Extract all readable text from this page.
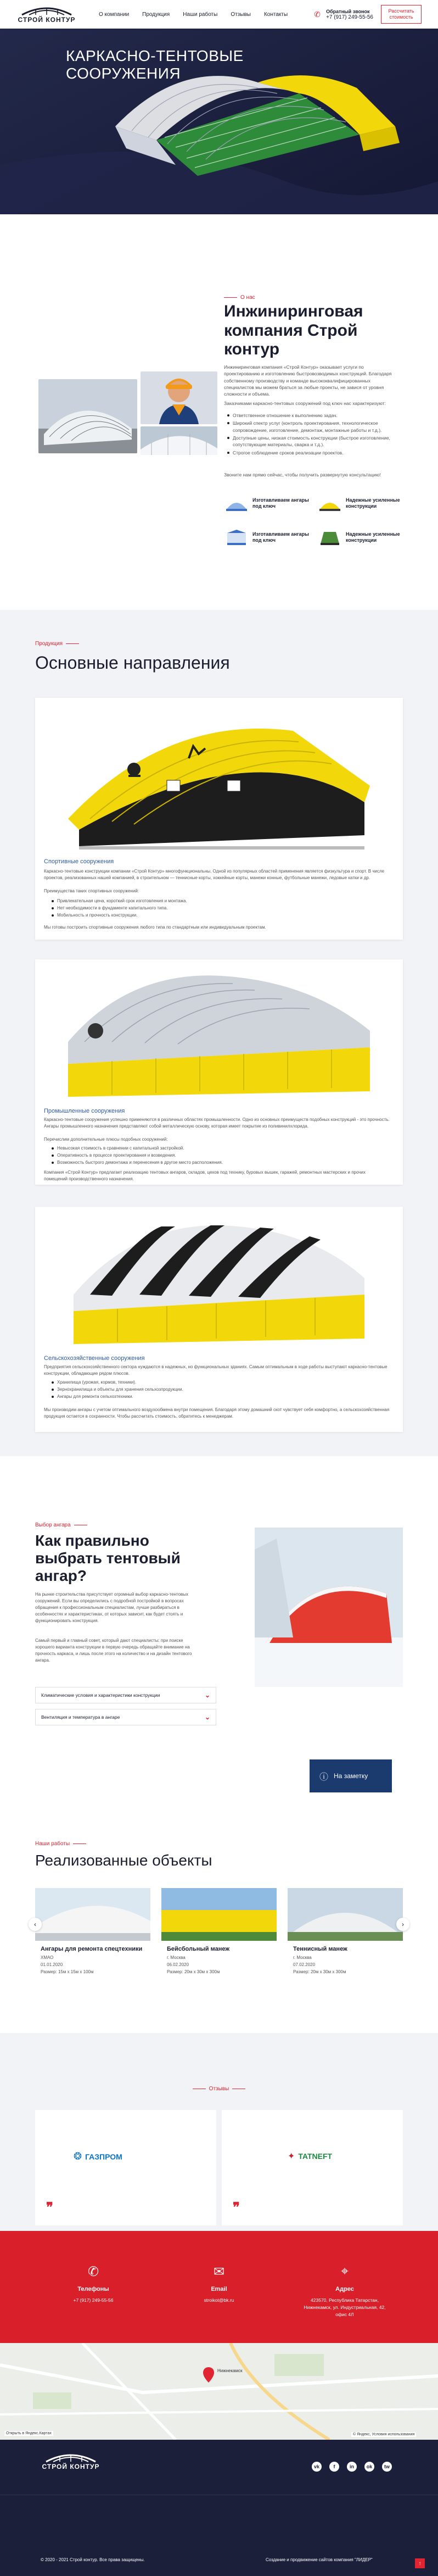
КАРКАСНО-ТЕНТОВЫЕ
СООРУЖЕНИЯ
СТРОЙ КОНТУР
О компании Продукция Наши работы Отзывы Контакты	✆	Обратный звонок
+7 (917) 249-55-56
Рассчитать стоимость
О нас
Инжиниринговая компания Строй контур

Инжиниринговая компания «Строй Контур» оказывает услуги по проектированию и изготовлению быстровозводимых конструкций. Благодаря собственному производству и команде высококвалифицированных специалистов мы можем браться за любые проекты, не завися от уровня сложности и объема.

Заказчиками каркасно-тентовых сооружений под ключ нас характеризуют:

Ответственное отношение к выполнению задач.
Широкий спектр услуг (контроль проектирования, технологическое сопровождение, изготовление, демонтаж, монтажные работы и т.д.).
Доступные цены, низкая стоимость конструкции (быстрое изготовление, сопутствующие материалы, сварка и т.д.).
Строгое соблюдение сроков реализации проектов.

Звоните нам прямо сейчас, чтобы получить развернутую консультацию!

Изготавливаем ангары под ключ
Надежные усиленные конструкции
Изготавливаем ангары под ключ
Надежные усиленные конструкции
Продукция
Основные направления
Спортивные сооружения

Каркасно-тентовые конструкции компании «Строй Контур» многофункциональны. Одной из популярных областей применения является физкультура и спорт. В числе проектов, реализованных нашей компанией, в строительном — теннисные корты, хоккейные корты, манежи конные, футбольные манежи, ледовые катки и др.

Преимущества таких спортивных сооружений:

Привлекательная цена, короткий срок изготовления и монтажа.
Нет необходимости в фундаменте капитального типа.
Мобильность и прочность конструкции.

Мы готовы построить спортивные сооружения любого типа по стандартным или индивидуальным проектам.

Промышленные сооружения

Каркасно-тентовые сооружения успешно применяются в различных областях промышленности. Одно из основных преимуществ подобных конструкций - это прочность. Ангары промышленного назначения представляют собой металлическую основу, которая имеет покрытие из поливинилхлорида.

Перечислим дополнительные плюсы подобных сооружений:

Невысокая стоимость в сравнении с капитальной застройкой.
Оперативность в процессе проектирования и возведения.
Возможность быстрого демонтажа и перенесения в другое место расположения.

Компания «Строй Контур» предлагает реализацию тентовых ангаров, складов, цехов под технику, буровых вышек, гаражей, ремонтных мастерских и прочих помещений производственного назначения.

Сельскохозяйственные сооружения

Предприятия сельскохозяйственного сектора нуждаются в надежных, но функциональных зданиях. Самым оптимальным в ходе работы выступают каркасно-тентовые конструкции, обладающие рядом плюсов.

Хранилища (урожая, кормов, техники).
Зернохранилища и объекты для хранения сельхозпродукции.
Ангары для ремонта сельхозтехники.

Мы производим ангары с учетом оптимального воздухообмена внутри помещения. Благодаря этому домашний скот чувствует себя комфортно, а сельскохозяйственная продукция остается в сохранности. Чтобы рассчитать стоимость, обратитесь к менеджерам.

Выбор ангара
Как правильно выбрать тентовый ангар?

На рынке строительства присутствует огромный выбор каркасно-тентовых сооружений. Если вы определились с подробной постройкой в вопросах обращения к профессиональным специалистам, лучше разбираться в особенностях и характеристиках, от которых зависит, как будет стоять и функционировать конструкция.

Самый первый и главный совет, который дают специалисты: при поиске хорошего варианта конструкции в первую очередь обращайте внимание на прочность каркаса, и лишь после этого на количество и на дизайн тентового ангара.

Климатические условия и характеристики конструкции	⌄
Вентиляция и температура в ангаре	⌄
ⓘ На заметку
Наши работы
Реализованные объекты
Ангары для ремонта спецтехники
ХМАО
01.01.2020
Размер: 15м х 15м х 100м
Бейсбольный манеж
г. Москва
06.02.2020
Размер: 20м х 30м х 300м
Теннисный манеж
г. Москва
07.02.2020
Размер: 20м х 30м х 300м
‹	›
Отзывы
❂ ГАЗПРОМ
❞
✦ TATNEFT
❞
✆
Телефоны
+7 (917) 249-55-56
✉
Email
stroikot@bk.ru
⌖
Адрес
423570, Республика Татарстан, Нижнекамск, ул. Индустриальная, 42, офис 4Л
Нижнекамск
Открыть в Яндекс.Картах	© Яндекс, Условия использования
СТРОЙ КОНТУР	vk	f	in	ok	tw
© 2020 - 2021 Строй контур. Все права защищены.	Создание и продвижение сайтов компания "ЛИДЕР"
↑
